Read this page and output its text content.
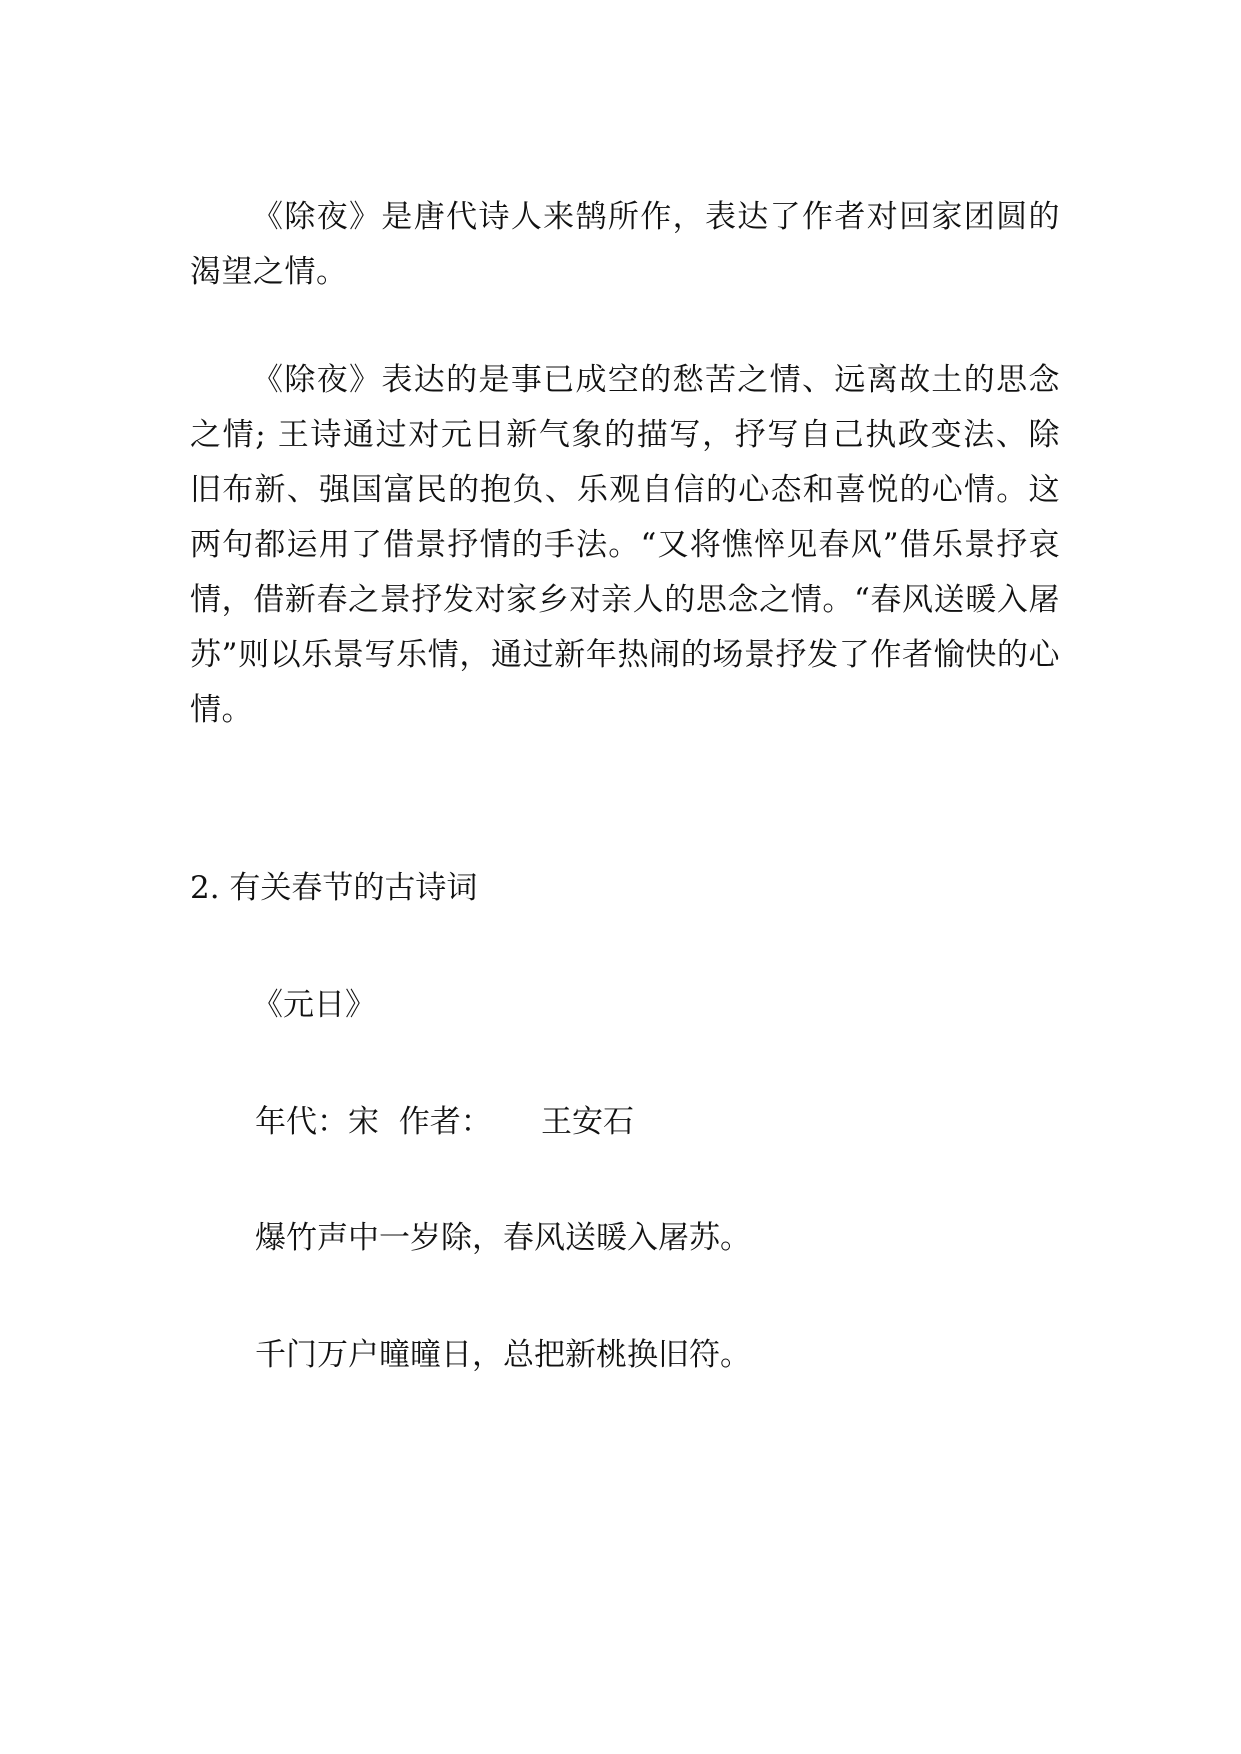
《除夜》是唐代诗人来鹄所作，表达了作者对回家团圆的渴望之情。

《除夜》表达的是事已成空的愁苦之情、远离故土的思念之情; 王诗通过对元日新气象的描写，抒写自己执政变法、除旧布新、强国富民的抱负、乐观自信的心态和喜悦的心情。这两句都运用了借景抒情的手法。“又将憔悴见春风”借乐景抒哀情，借新春之景抒发对家乡对亲人的思念之情。“春风送暖入屠苏”则以乐景写乐情，通过新年热闹的场景抒发了作者愉快的心情。

2. 有关春节的古诗词
《元日》
年代：宋  作者：     王安石
爆竹声中一岁除，春风送暖入屠苏。
千门万户曈曈日，总把新桃换旧符。
